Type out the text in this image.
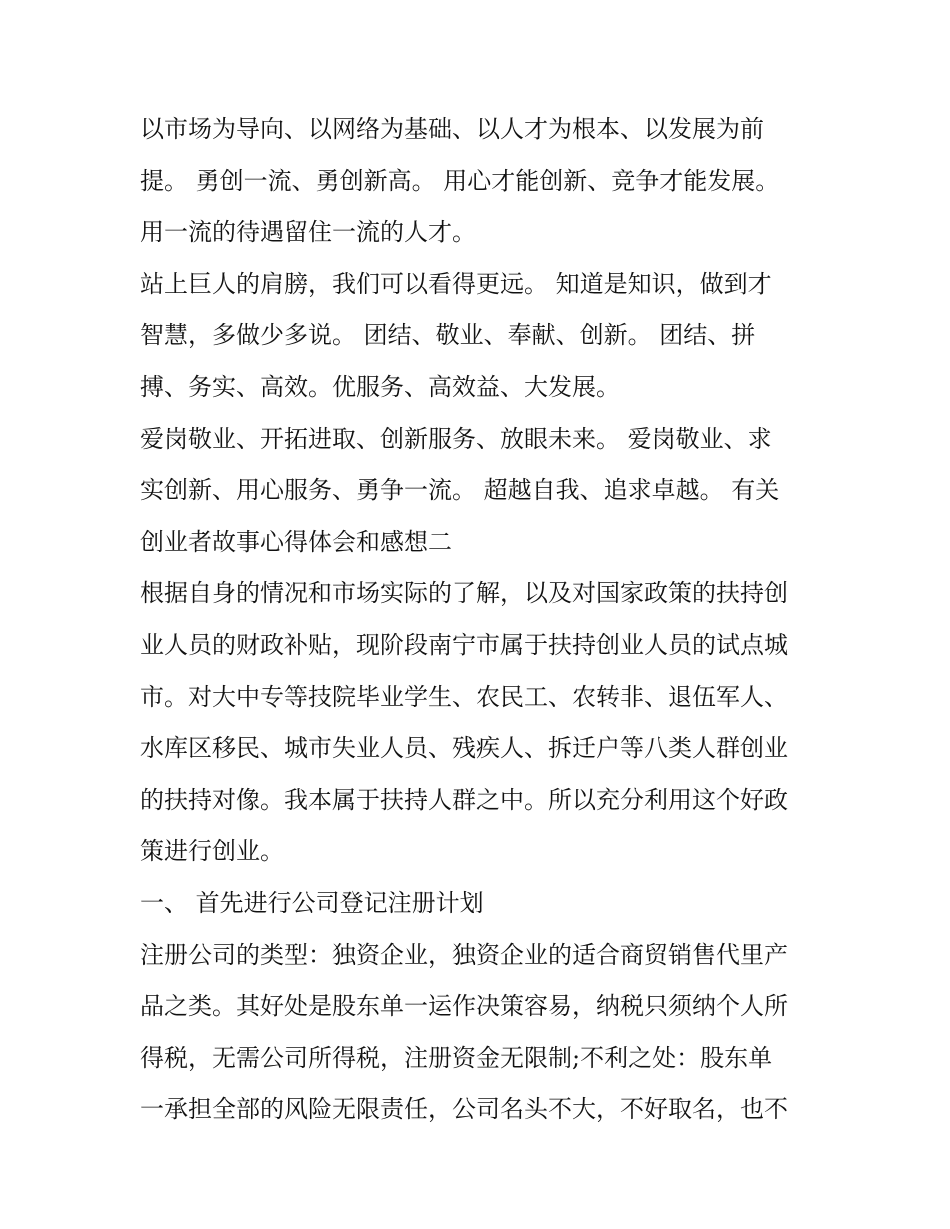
以市场为导向、以网络为基础、以人才为根本、以发展为前
提。 勇创一流、勇创新高。 用心才能创新、竞争才能发展。
用一流的待遇留住一流的人才。
站上巨人的肩膀，我们可以看得更远。 知道是知识，做到才
智慧，多做少多说。 团结、敬业、奉献、创新。 团结、拼
搏、务实、高效。优服务、高效益、大发展。
爱岗敬业、开拓进取、创新服务、放眼未来。 爱岗敬业、求
实创新、用心服务、勇争一流。 超越自我、追求卓越。 有关
创业者故事心得体会和感想二
根据自身的情况和市场实际的了解，以及对国家政策的扶持创
业人员的财政补贴，现阶段南宁市属于扶持创业人员的试点城
市。对大中专等技院毕业学生、农民工、农转非、退伍军人、
水库区移民、城市失业人员、残疾人、拆迁户等八类人群创业
的扶持对像。我本属于扶持人群之中。所以充分利用这个好政
策进行创业。
一、 首先进行公司登记注册计划
注册公司的类型：独资企业，独资企业的适合商贸销售代里产
品之类。其好处是股东单一运作决策容易，纳税只须纳个人所
得税，无需公司所得税，注册资金无限制;不利之处：股东单
一承担全部的风险无限责任，公司名头不大，不好取名，也不
